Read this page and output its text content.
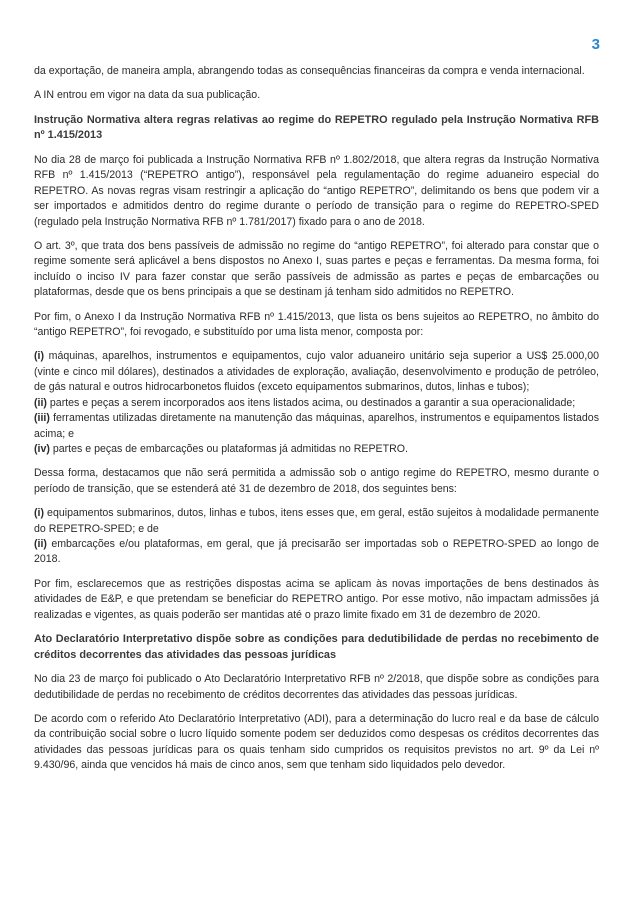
3

da exportação, de maneira ampla, abrangendo todas as consequências financeiras da compra e venda internacional.

A IN entrou em vigor na data da sua publicação.

Instrução Normativa altera regras relativas ao regime do REPETRO regulado pela Instrução Normativa RFB nº 1.415/2013

No dia 28 de março foi publicada a Instrução Normativa RFB nº 1.802/2018, que altera regras da Instrução Normativa RFB nº 1.415/2013 (“REPETRO antigo”), responsável pela regulamentação do regime aduaneiro especial do REPETRO. As novas regras visam restringir a aplicação do “antigo REPETRO”, delimitando os bens que podem vir a ser importados e admitidos dentro do regime durante o período de transição para o regime do REPETRO-SPED (regulado pela Instrução Normativa RFB nº 1.781/2017) fixado para o ano de 2018.

O art. 3º, que trata dos bens passíveis de admissão no regime do “antigo REPETRO”, foi alterado para constar que o regime somente será aplicável a bens dispostos no Anexo I, suas partes e peças e ferramentas. Da mesma forma, foi incluído o inciso IV para fazer constar que serão passíveis de admissão as partes e peças de embarcações ou plataformas, desde que os bens principais a que se destinam já tenham sido admitidos no REPETRO.

Por fim, o Anexo I da Instrução Normativa RFB nº 1.415/2013, que lista os bens sujeitos ao REPETRO, no âmbito do “antigo REPETRO”, foi revogado, e substituído por uma lista menor, composta por:

(i) máquinas, aparelhos, instrumentos e equipamentos, cujo valor aduaneiro unitário seja superior a US$ 25.000,00 (vinte e cinco mil dólares), destinados a atividades de exploração, avaliação, desenvolvimento e produção de petróleo, de gás natural e outros hidrocarbonetos fluidos (exceto equipamentos submarinos, dutos, linhas e tubos);
(ii) partes e peças a serem incorporados aos itens listados acima, ou destinados a garantir a sua operacionalidade;
(iii) ferramentas utilizadas diretamente na manutenção das máquinas, aparelhos, instrumentos e equipamentos listados acima; e
(iv) partes e peças de embarcações ou plataformas já admitidas no REPETRO.

Dessa forma, destacamos que não será permitida a admissão sob o antigo regime do REPETRO, mesmo durante o período de transição, que se estenderá até 31 de dezembro de 2018, dos seguintes bens:

(i) equipamentos submarinos, dutos, linhas e tubos, itens esses que, em geral, estão sujeitos à modalidade permanente do REPETRO-SPED; e de
(ii) embarcações e/ou plataformas, em geral, que já precisarão ser importadas sob o REPETRO-SPED ao longo de 2018.

Por fim, esclarecemos que as restrições dispostas acima se aplicam às novas importações de bens destinados às atividades de E&P, e que pretendam se beneficiar do REPETRO antigo. Por esse motivo, não impactam admissões já realizadas e vigentes, as quais poderão ser mantidas até o prazo limite fixado em 31 de dezembro de 2020.

Ato Declaratório Interpretativo dispõe sobre as condições para dedutibilidade de perdas no recebimento de créditos decorrentes das atividades das pessoas jurídicas

No dia 23 de março foi publicado o Ato Declaratório Interpretativo RFB nº 2/2018, que dispõe sobre as condições para dedutibilidade de perdas no recebimento de créditos decorrentes das atividades das pessoas jurídicas.

De acordo com o referido Ato Declaratório Interpretativo (ADI), para a determinação do lucro real e da base de cálculo da contribuição social sobre o lucro líquido somente podem ser deduzidos como despesas os créditos decorrentes das atividades das pessoas jurídicas para os quais tenham sido cumpridos os requisitos previstos no art. 9º da Lei nº 9.430/96, ainda que vencidos há mais de cinco anos, sem que tenham sido liquidados pelo devedor.
